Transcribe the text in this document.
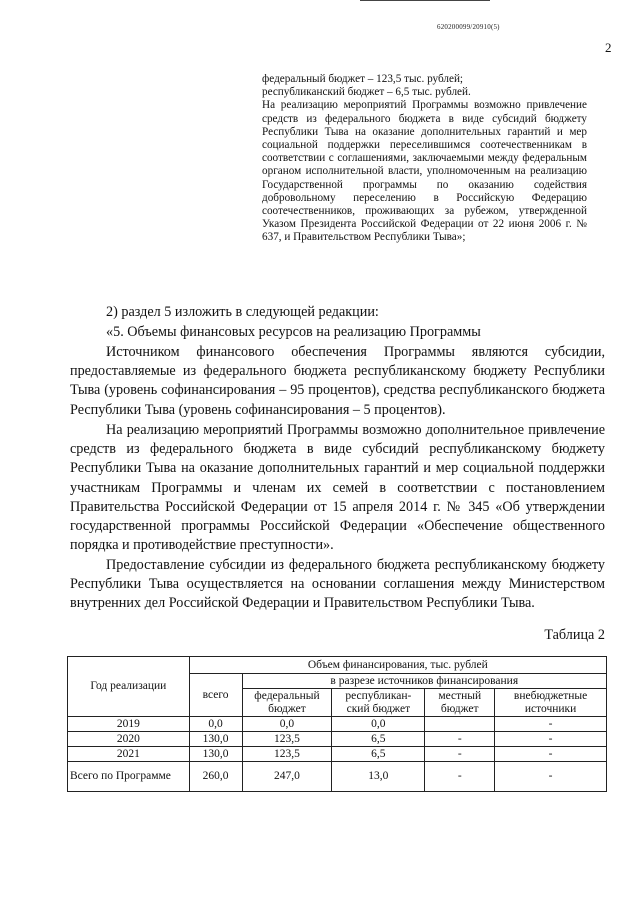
620200099/20910(5)
2

федеральный бюджет – 123,5 тыс. рублей;

республиканский бюджет – 6,5 тыс. рублей.

На реализацию мероприятий Программы возможно привлечение средств из федерального бюджета в виде субсидий бюджету Республики Тыва на оказание дополнительных гарантий и мер социальной поддержки переселившимся соотечественникам в соответствии с соглашениями, заключаемыми между федеральным органом исполнительной власти, уполномоченным на реализацию Государственной программы по оказанию содействия добровольному переселению в Российскую Федерацию соотечественников, проживающих за рубежом, утвержденной Указом Президента Российской Федерации от 22 июня 2006 г. № 637, и Правительством Республики Тыва»;

2) раздел 5 изложить в следующей редакции:

«5. Объемы финансовых ресурсов на реализацию Программы

Источником финансового обеспечения Программы являются субсидии, предоставляемые из федерального бюджета республиканскому бюджету Республики Тыва (уровень софинансирования – 95 процентов), средства республиканского бюджета Республики Тыва (уровень софинансирования – 5 процентов).

На реализацию мероприятий Программы возможно дополнительное привлечение средств из федерального бюджета в виде субсидий республиканскому бюджету Республики Тыва на оказание дополнительных гарантий и мер социальной поддержки участникам Программы и членам их семей в соответствии с постановлением Правительства Российской Федерации от 15 апреля 2014 г. № 345 «Об утверждении государственной программы Российской Федерации «Обеспечение общественного порядка и противодействие преступности».

Предоставление субсидии из федерального бюджета республиканскому бюджету Республики Тыва осуществляется на основании соглашения между Министерством внутренних дел Российской Федерации и Правительством Республики Тыва.

Таблица 2
Год реализации	Объем финансирования, тыс. рублей				
	всего	в разрезе источников финансирования			
		федеральный бюджет	республикан-ский бюджет	местный бюджет	внебюджетные источники
2019	0,0	0,0	0,0		-
2020	130,0	123,5	6,5	-	-
2021	130,0	123,5	6,5	-	-
Всего по Программе	260,0	247,0	13,0	-	-
